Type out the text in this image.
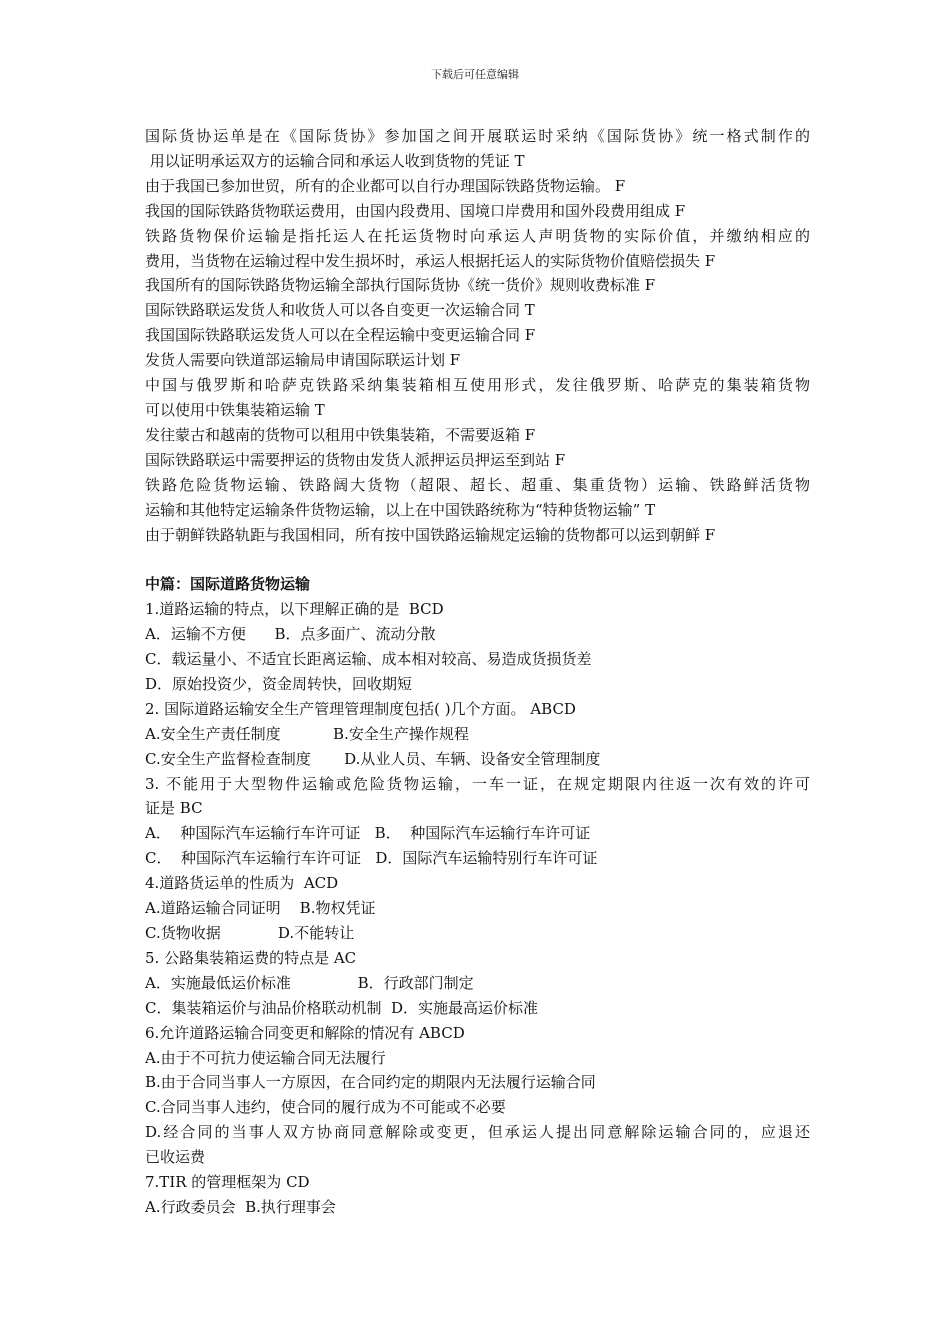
下载后可任意编辑
国际货协运单是在《国际货协》参加国之间开展联运时采纳《国际货协》统一格式制作的
用以证明承运双方的运输合同和承运人收到货物的凭证 T
由于我国已参加世贸，所有的企业都可以自行办理国际铁路货物运输。 F
我国的国际铁路货物联运费用，由国内段费用、国境口岸费用和国外段费用组成 F
铁路货物保价运输是指托运人在托运货物时向承运人声明货物的实际价值，并缴纳相应的
费用，当货物在运输过程中发生损坏时，承运人根据托运人的实际货物价值赔偿损失 F
我国所有的国际铁路货物运输全部执行国际货协《统一货价》规则收费标准 F
国际铁路联运发货人和收货人可以各自变更一次运输合同 T
我国国际铁路联运发货人可以在全程运输中变更运输合同 F
发货人需要向铁道部运输局申请国际联运计划 F
中国与俄罗斯和哈萨克铁路采纳集装箱相互使用形式，发往俄罗斯、哈萨克的集装箱货物
可以使用中铁集装箱运输 T
发往蒙古和越南的货物可以租用中铁集装箱，不需要返箱 F
国际铁路联运中需要押运的货物由发货人派押运员押运至到站 F
铁路危险货物运输、铁路阔大货物（超限、超长、超重、集重货物）运输、铁路鲜活货物
运输和其他特定运输条件货物运输，以上在中国铁路统称为“特种货物运输” T
由于朝鲜铁路轨距与我国相同，所有按中国铁路运输规定运输的货物都可以运到朝鲜 F
中篇：国际道路货物运输
1.道路运输的特点，以下理解正确的是  BCD
A．运输不方便      B．点多面广、流动分散
C．载运量小、不适宜长距离运输、成本相对较高、易造成货损货差
D．原始投资少，资金周转快，回收期短
2. 国际道路运输安全生产管理管理制度包括( )几个方面。 ABCD
A.安全生产责任制度           B.安全生产操作规程
C.安全生产监督检查制度       D.从业人员、车辆、设备安全管理制度
3. 不能用于大型物件运输或危险货物运输，一车一证，在规定期限内往返一次有效的许可
证是 BC
A．  种国际汽车运输行车许可证   B．  种国际汽车运输行车许可证
C．  种国际汽车运输行车许可证   D．国际汽车运输特别行车许可证
4.道路货运单的性质为  ACD
A.道路运输合同证明    B.物权凭证
C.货物收据            D.不能转让
5. 公路集装箱运费的特点是 AC
A．实施最低运价标准              B．行政部门制定
C．集装箱运价与油品价格联动机制  D．实施最高运价标准
6.允许道路运输合同变更和解除的情况有 ABCD
A.由于不可抗力使运输合同无法履行
B.由于合同当事人一方原因，在合同约定的期限内无法履行运输合同
C.合同当事人违约，使合同的履行成为不可能或不必要
D.经合同的当事人双方协商同意解除或变更，但承运人提出同意解除运输合同的，应退还
已收运费
7.TIR 的管理框架为 CD
A.行政委员会  B.执行理事会
